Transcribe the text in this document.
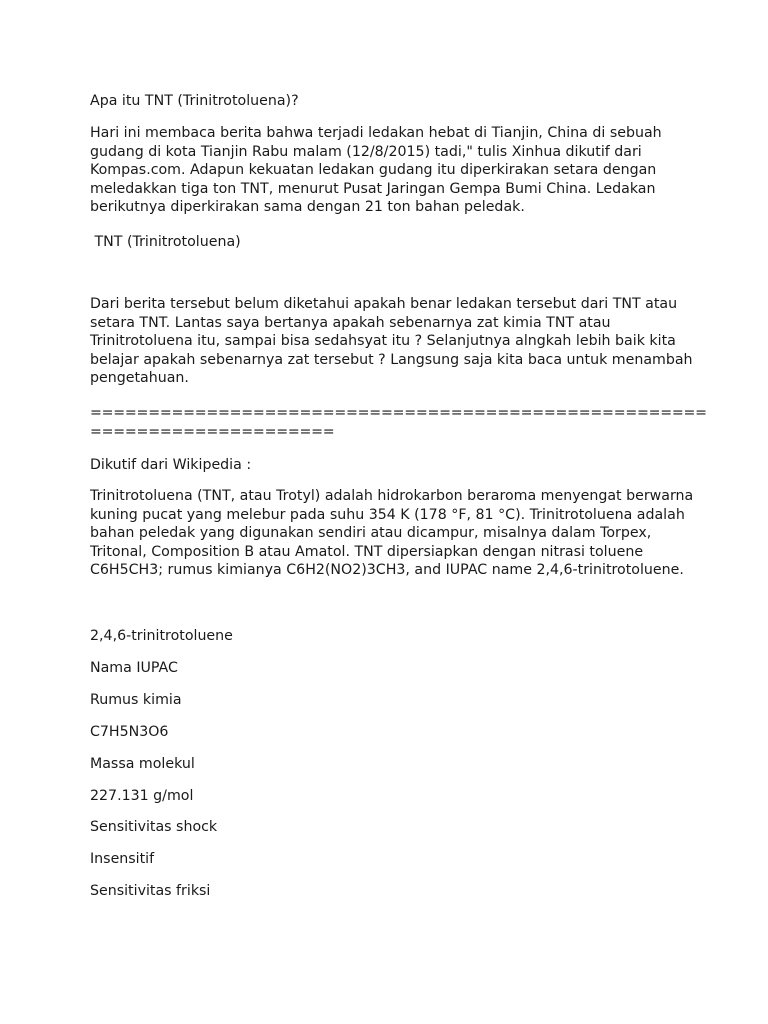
Apa itu TNT (Trinitrotoluena)?

Hari ini membaca berita bahwa terjadi ledakan hebat di Tianjin, China di sebuah

gudang di kota Tianjin Rabu malam (12/8/2015) tadi," tulis Xinhua dikutif dari

Kompas.com. Adapun kekuatan ledakan gudang itu diperkirakan setara dengan

meledakkan tiga ton TNT, menurut Pusat Jaringan Gempa Bumi China. Ledakan

berikutnya diperkirakan sama dengan 21 ton bahan peledak.

TNT (Trinitrotoluena)

Dari berita tersebut belum diketahui apakah benar ledakan tersebut dari TNT atau

setara TNT. Lantas saya bertanya apakah sebenarnya zat kimia TNT atau

Trinitrotoluena itu, sampai bisa sedahsyat itu ? Selanjutnya alngkah lebih baik kita

belajar apakah sebenarnya zat tersebut ? Langsung saja kita baca untuk menambah

pengetahuan.

=====================================================

=====================

Dikutif dari Wikipedia :

Trinitrotoluena (TNT, atau Trotyl) adalah hidrokarbon beraroma menyengat berwarna

kuning pucat yang melebur pada suhu 354 K (178 °F, 81 °C). Trinitrotoluena adalah

bahan peledak yang digunakan sendiri atau dicampur, misalnya dalam Torpex,

Tritonal, Composition B atau Amatol. TNT dipersiapkan dengan nitrasi toluene

C6H5CH3; rumus kimianya C6H2(NO2)3CH3, and IUPAC name 2,4,6-trinitrotoluene.

2,4,6-trinitrotoluene
Nama IUPAC
Rumus kimia
C7H5N3O6
Massa molekul
227.131 g/mol
Sensitivitas shock
Insensitif
Sensitivitas friksi
